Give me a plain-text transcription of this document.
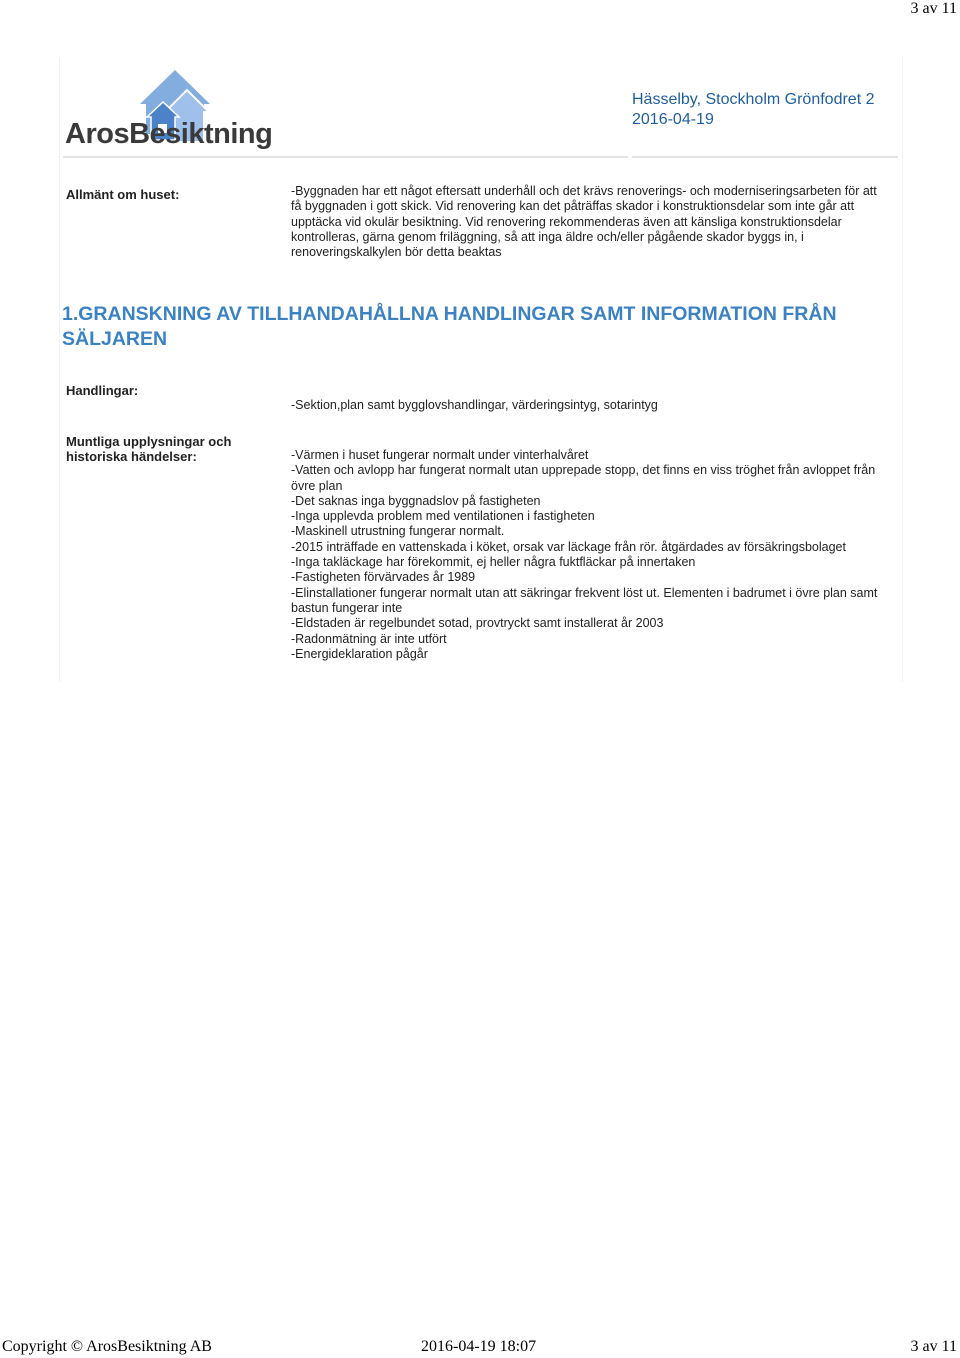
3 av 11
ArosBesiktning
Hässelby, Stockholm Grönfodret 2
2016-04-19
Allmänt om huset:	-Byggnaden har ett något eftersatt underhåll och det krävs renoverings- och moderniseringsarbeten för att få byggnaden i gott skick. Vid renovering kan det påträffas skador i konstruktionsdelar som inte går att upptäcka vid okulär besiktning. Vid renovering rekommenderas även att känsliga konstruktionsdelar kontrolleras, gärna genom friläggning, så att inga äldre och/eller pågående skador byggs in, i renoveringskalkylen bör detta beaktas
1.GRANSKNING AV TILLHANDAHÅLLNA HANDLINGAR SAMT INFORMATION FRÅN SÄLJAREN
Handlingar:
-Sektion,plan samt bygglovshandlingar, värderingsintyg, sotarintyg
Muntliga upplysningar och
historiska händelser:	-Värmen i huset fungerar normalt under vinterhalvåret
-Vatten och avlopp har fungerat normalt utan upprepade stopp, det finns en viss tröghet från avloppet från övre plan
-Det saknas inga byggnadslov på fastigheten
-Inga upplevda problem med ventilationen i fastigheten
-Maskinell utrustning fungerar normalt.
-2015 inträffade en vattenskada i köket, orsak var läckage från rör. åtgärdades av försäkringsbolaget
-Inga takläckage har förekommit, ej heller några fuktfläckar på innertaken
-Fastigheten förvärvades år 1989
-Elinstallationer fungerar normalt utan att säkringar frekvent löst ut. Elementen i badrumet i övre plan samt bastun fungerar inte
-Eldstaden är regelbundet sotad, provtryckt samt installerat år 2003
-Radonmätning är inte utfört
-Energideklaration pågår
Copyright © ArosBesiktning AB	2016-04-19 18:07	3 av 11
